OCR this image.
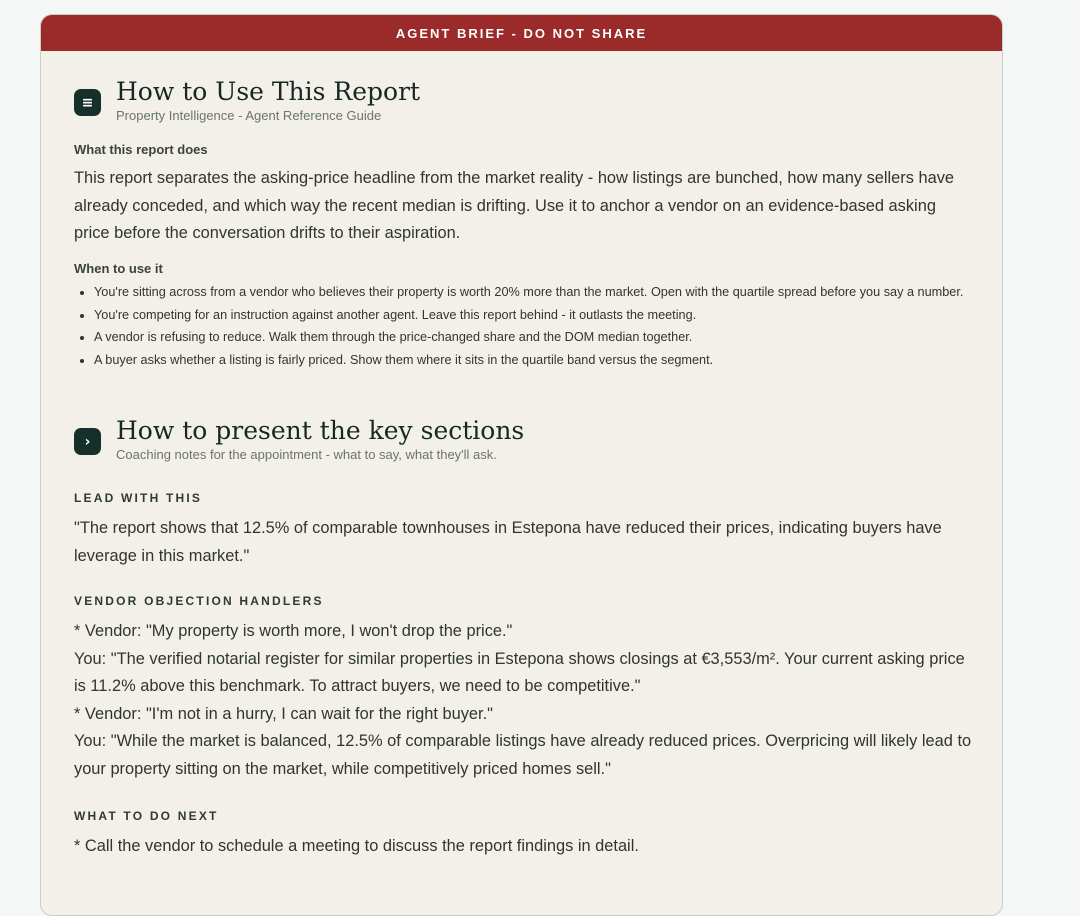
AGENT BRIEF - DO NOT SHARE
≡ How to Use This Report
Property Intelligence - Agent Reference Guide
What this report does
This report separates the asking-price headline from the market reality - how listings are bunched, how many sellers have already conceded, and which way the recent median is drifting. Use it to anchor a vendor on an evidence-based asking price before the conversation drifts to their aspiration.
When to use it
• You're sitting across from a vendor who believes their property is worth 20% more than the market. Open with the quartile spread before you say a number.
• You're competing for an instruction against another agent. Leave this report behind - it outlasts the meeting.
• A vendor is refusing to reduce. Walk them through the price-changed share and the DOM median together.
• A buyer asks whether a listing is fairly priced. Show them where it sits in the quartile band versus the segment.
›	How to present the key sections
Coaching notes for the appointment - what to say, what they'll ask.
LEAD WITH THIS
"The report shows that 12.5% of comparable townhouses in Estepona have reduced their prices, indicating buyers have leverage in this market."
VENDOR OBJECTION HANDLERS
* Vendor: "My property is worth more, I won't drop the price."
You: "The verified notarial register for similar properties in Estepona shows closings at €3,553/m². Your current asking price is 11.2% above this benchmark. To attract buyers, we need to be competitive."
* Vendor: "I'm not in a hurry, I can wait for the right buyer."
You: "While the market is balanced, 12.5% of comparable listings have already reduced prices. Overpricing will likely lead to your property sitting on the market, while competitively priced homes sell."
WHAT TO DO NEXT
* Call the vendor to schedule a meeting to discuss the report findings in detail.
